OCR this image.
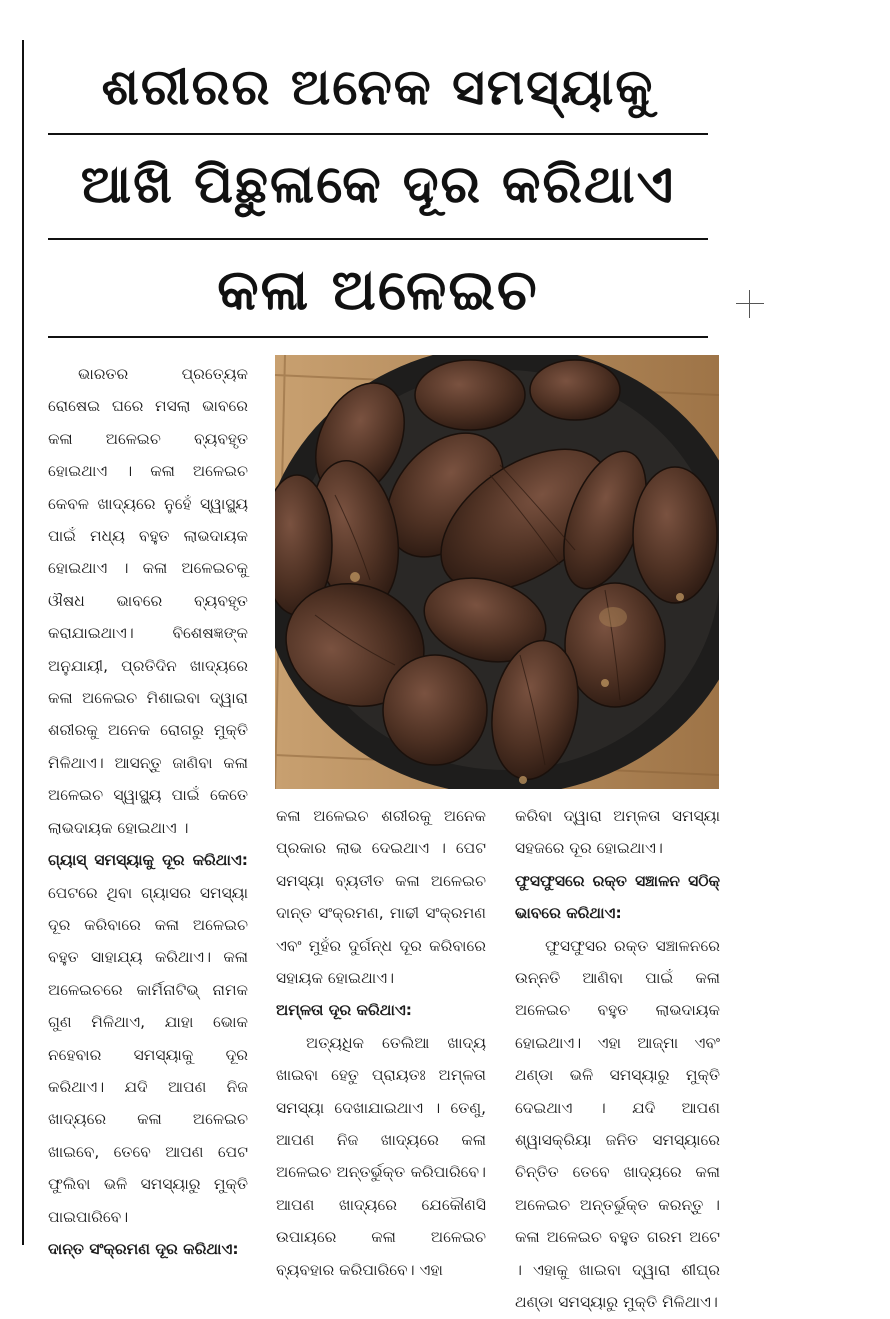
ଶରୀରର ଅନେକ ସମସ୍ୟାକୁ
ଆଖି ପିଛୁଳାକେ ଦୂର କରିଥାଏ
କଳା ଅଳେଇଚ

ଭାରତର ପ୍ରତ୍ୟେକ ରୋଷେଇ ଘରେ ମସଲା ଭାବରେ କଳା ଅଳେଇଚ ବ୍ୟବହୃତ ହୋଇଥାଏ । କଳା ଅଳେଇଚ କେବଳ ଖାଦ୍ୟରେ ନୁହେଁ ସ୍ୱାସ୍ଥ୍ୟ ପାଇଁ ମଧ୍ୟ ବହୁତ ଲାଭଦାୟକ ହୋଇଥାଏ । କଳା ଅଳେଇଚକୁ ଔଷଧ ଭାବରେ ବ୍ୟବହୃତ କରାଯାଇଥାଏ। ବିଶେଷଜ୍ଞଙ୍କ ଅନୁଯାୟୀ, ପ୍ରତିଦିନ ଖାଦ୍ୟରେ କଳା ଅଳେଇଚ ମିଶାଇବା ଦ୍ୱାରା ଶରୀରକୁ ଅନେକ ରୋଗରୁ ମୁକ୍ତି ମିଳିଥାଏ। ଆସନ୍ତୁ ଜାଣିବା କଳା ଅଳେଇଚ ସ୍ୱାସ୍ଥ୍ୟ ପାଇଁ କେତେ ଲାଭଦାୟକ ହୋଇଥାଏ ।

ଗ୍ୟାସ୍ ସମସ୍ୟାକୁ ଦୂର କରିଥାଏ: ପେଟରେ ଥିବା ଗ୍ୟାସର ସମସ୍ୟା ଦୂର କରିବାରେ କଳା ଅଳେଇଚ ବହୁତ ସାହାଯ୍ୟ କରିଥାଏ। କଳା ଅଳେଇଚରେ କାର୍ମିନାଟିଭ୍ ନାମକ ଗୁଣ ମିଳିଥାଏ, ଯାହା ଭୋକ ନହେବାର ସମସ୍ୟାକୁ ଦୂର କରିଥାଏ। ଯଦି ଆପଣ ନିଜ ଖାଦ୍ୟରେ କଳା ଅଳେଇଚ ଖାଇବେ, ତେବେ ଆପଣ ପେଟ ଫୁଲିବା ଭଳି ସମସ୍ୟାରୁ ମୁକ୍ତି ପାଇପାରିବେ।

ଦାନ୍ତ ସଂକ୍ରମଣ ଦୂର କରିଥାଏ:

କଳା ଅଳେଇଚ ଶରୀରକୁ ଅନେକ ପ୍ରକାର ଲାଭ ଦେଇଥାଏ । ପେଟ ସମସ୍ୟା ବ୍ୟତୀତ କଳା ଅଳେଇଚ ଦାନ୍ତ ସଂକ୍ରମଣ, ମାଢୀ ସଂକ୍ରମଣ ଏବଂ ମୁହଁର ଦୁର୍ଗନ୍ଧ ଦୂର କରିବାରେ ସହାୟକ ହୋଇଥାଏ।

ଅମ୍ଳତା ଦୂର କରିଥାଏ:

ଅତ୍ୟଧିକ ତେଲିଆ ଖାଦ୍ୟ ଖାଇବା ହେତୁ ପ୍ରାୟତଃ ଅମ୍ଳତା ସମସ୍ୟା ଦେଖାଯାଇଥାଏ । ତେଣୁ, ଆପଣ ନିଜ ଖାଦ୍ୟରେ କଳା ଅଳେଇଚ ଅନ୍ତର୍ଭୁକ୍ତ କରିପାରିବେ। ଆପଣ ଖାଦ୍ୟରେ ଯେକୌଣସି ଉପାୟରେ କଳା ଅଳେଇଚ ବ୍ୟବହାର କରିପାରିବେ। ଏହା

କରିବା ଦ୍ୱାରା ଅମ୍ଳତା ସମସ୍ୟା ସହଜରେ ଦୂର ହୋଇଥାଏ।

ଫୁସଫୁସରେ ରକ୍ତ ସଞ୍ଚାଳନ ସଠିକ୍ ଭାବରେ କରିଥାଏ:

ଫୁସଫୁସର ରକ୍ତ ସଞ୍ଚାଳନରେ ଉନ୍ନତି ଆଣିବା ପାଇଁ କଳା ଅଳେଇଚ ବହୁତ ଲାଭଦାୟକ ହୋଇଥାଏ। ଏହା ଆଜ୍ମା ଏବଂ ଥଣ୍ଡା ଭଳି ସମସ୍ୟାରୁ ମୁକ୍ତି ଦେଇଥାଏ । ଯଦି ଆପଣ ଶ୍ୱାସକ୍ରିୟା ଜନିତ ସମସ୍ୟାରେ ଚିନ୍ତିତ ତେବେ ଖାଦ୍ୟରେ କଳା ଅଳେଇଚ ଅନ୍ତର୍ଭୁକ୍ତ କରନ୍ତୁ । କଳା ଅଳେଇଚ ବହୁତ ଗରମ ଅଟେ । ଏହାକୁ ଖାଇବା ଦ୍ୱାରା ଶୀଘ୍ର ଥଣ୍ଡା ସମସ୍ୟାରୁ ମୁକ୍ତି ମିଳିଥାଏ।
